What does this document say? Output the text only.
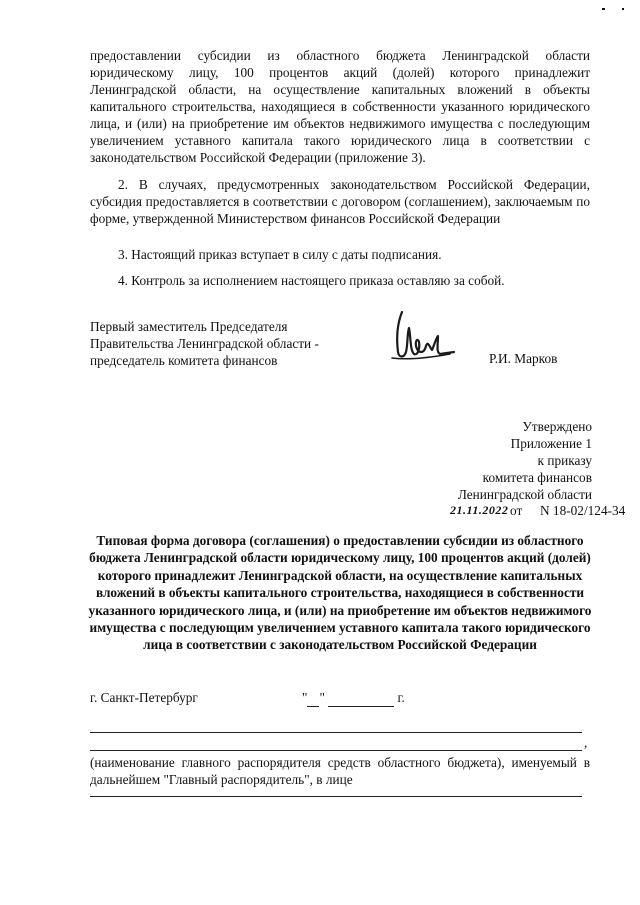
предоставлении субсидии из областного бюджета Ленинградской области юридическому лицу, 100 процентов акций (долей) которого принадлежит Ленинградской области, на осуществление капитальных вложений в объекты капитального строительства, находящиеся в собственности указанного юридического лица, и (или) на приобретение им объектов недвижимого имущества с последующим увеличением уставного капитала такого юридического лица в соответствии с законодательством Российской Федерации (приложение 3).

2. В случаях, предусмотренных законодательством Российской Федерации, субсидия предоставляется в соответствии с договором (соглашением), заключаемым по форме, утвержденной Министерством финансов Российской Федерации

3. Настоящий приказ вступает в силу с даты подписания.

4. Контроль за исполнением настоящего приказа оставляю за собой.

Первый заместитель Председателя
Правительства Ленинградской области -
председатель комитета финансов	Р.И. Марков
Утверждено
Приложение 1
к приказу
комитета финансов
Ленинградской области
21.11.2022 от N 18-02/124-34

Типовая форма договора (соглашения) о предоставлении субсидии из областного бюджета Ленинградской области юридическому лицу, 100 процентов акций (долей) которого принадлежит Ленинградской области, на осуществление капитальных вложений в объекты капитального строительства, находящиеся в собственности указанного юридического лица, и (или) на приобретение им объектов недвижимого имущества с последующим увеличением уставного капитала такого юридического лица в соответствии с законодательством Российской Федерации

г. Санкт-Петербург	" "	г.
,

(наименование главного распорядителя средств областного бюджета), именуемый в дальнейшем "Главный распорядитель", в лице
